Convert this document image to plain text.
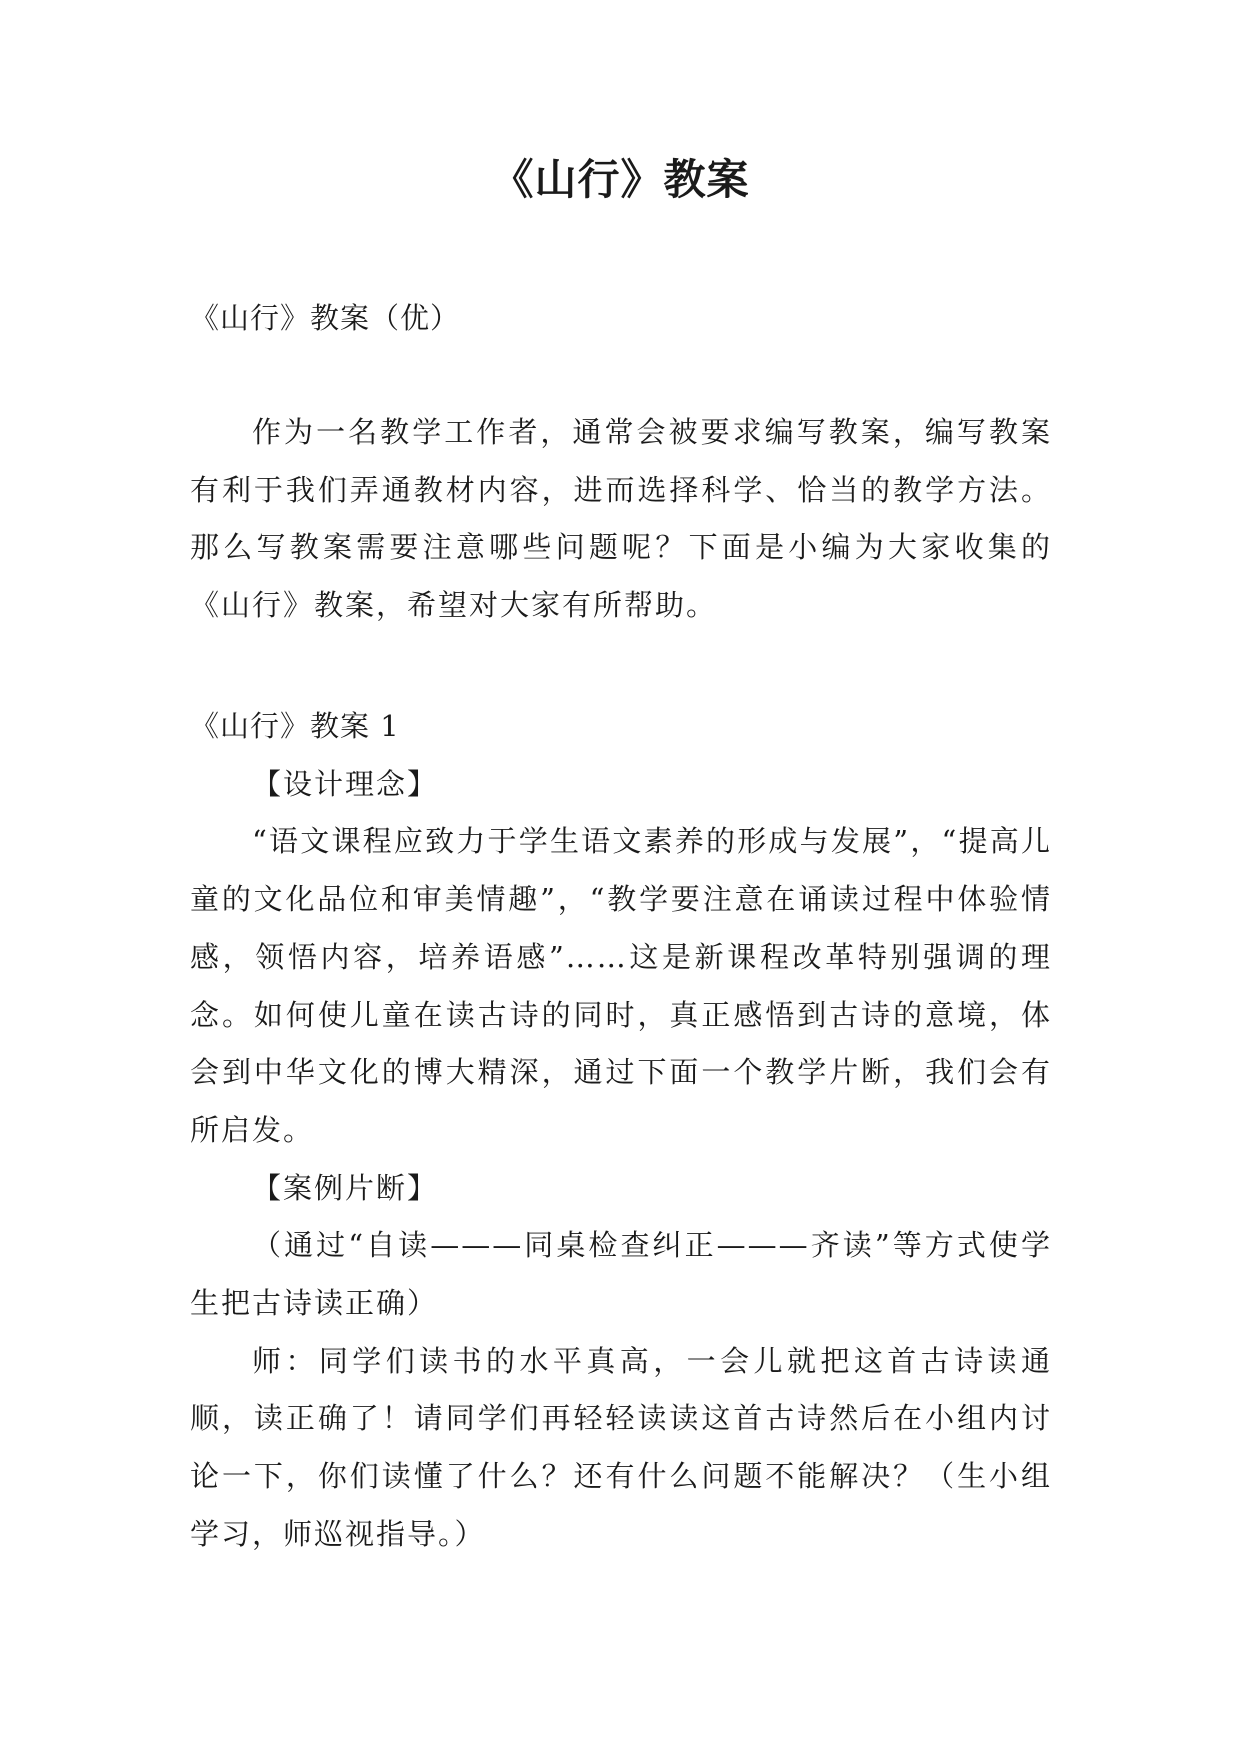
《山行》教案
《山行》教案（优）
作为一名教学工作者，通常会被要求编写教案，编写教案有利于我们弄通教材内容，进而选择科学、恰当的教学方法。那么写教案需要注意哪些问题呢？下面是小编为大家收集的《山行》教案，希望对大家有所帮助。

《山行》教案 1

【设计理念】

“语文课程应致力于学生语文素养的形成与发展”，“提高儿童的文化品位和审美情趣”，“教学要注意在诵读过程中体验情感，领悟内容，培养语感”……这是新课程改革特别强调的理念。如何使儿童在读古诗的同时，真正感悟到古诗的意境，体会到中华文化的博大精深，通过下面一个教学片断，我们会有所启发。

【案例片断】

（通过“自读———同桌检查纠正———齐读”等方式使学生把古诗读正确）

师：同学们读书的水平真高，一会儿就把这首古诗读通顺，读正确了！请同学们再轻轻读读这首古诗然后在小组内讨论一下，你们读懂了什么？还有什么问题不能解决？（生小组学习，师巡视指导。）
